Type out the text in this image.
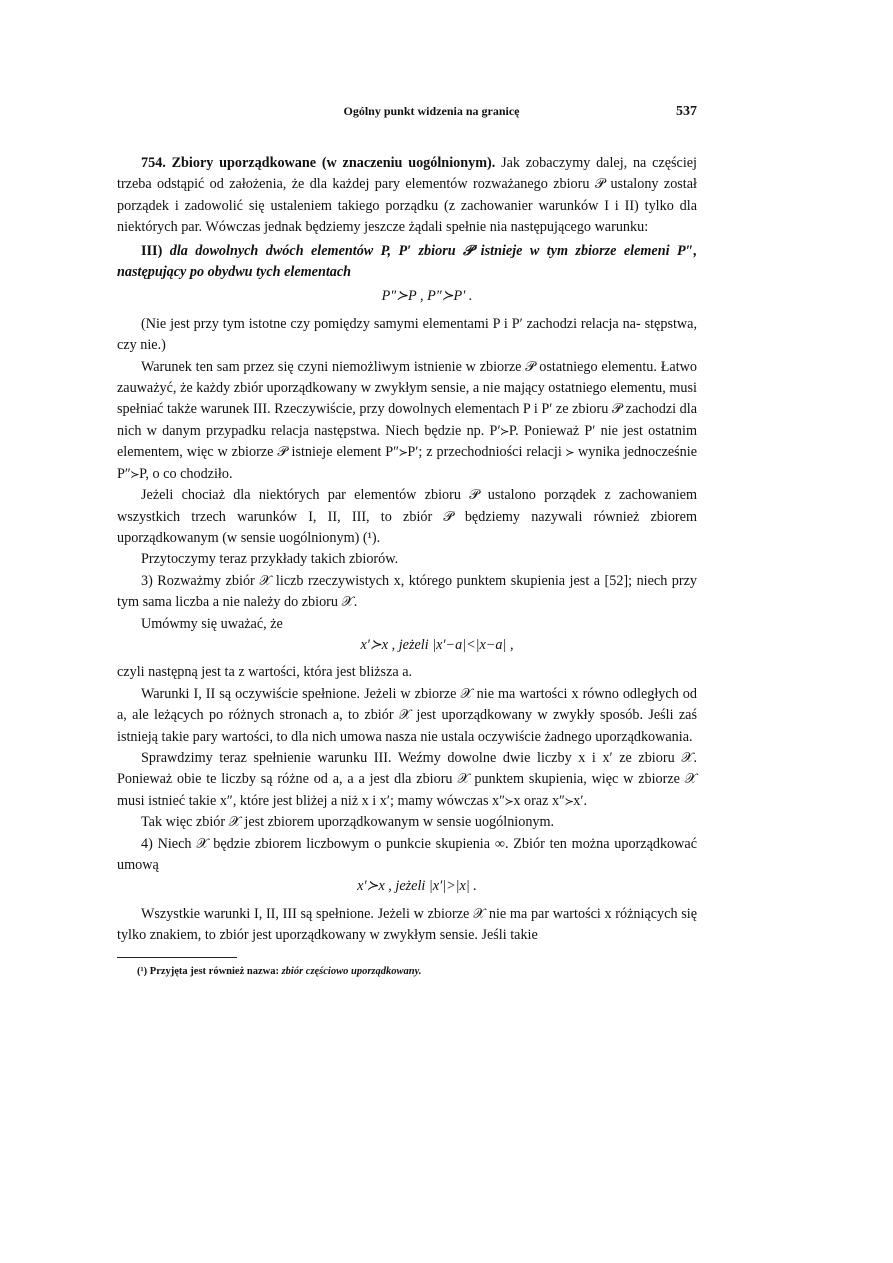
Ogólny punkt widzenia na granicę	537

754. Zbiory uporządkowane (w znaczeniu uogólnionym). Jak zobaczymy dalej, na częściej trzeba odstąpić od założenia, że dla każdej pary elementów rozważanego zbioru 𝒫 ustalony został porządek i zadowolić się ustaleniem takiego porządku (z zachowanier warunków I i II) tylko dla niektórych par. Wówczas jednak będziemy jeszcze żądali spełnie nia następującego warunku:

III) dla dowolnych dwóch elementów P, P′ zbioru 𝒫 istnieje w tym zbiorze elemeni P″, następujący po obydwu tych elementach

P″≻P , P″≻P′ .

(Nie jest przy tym istotne czy pomiędzy samymi elementami P i P′ zachodzi relacja na- stępstwa, czy nie.)

Warunek ten sam przez się czyni niemożliwym istnienie w zbiorze 𝒫 ostatniego elementu. Łatwo zauważyć, że każdy zbiór uporządkowany w zwykłym sensie, a nie mający ostatniego elementu, musi spełniać także warunek III. Rzeczywiście, przy dowolnych elementach P i P′ ze zbioru 𝒫 zachodzi dla nich w danym przypadku relacja następstwa. Niech będzie np. P′≻P. Ponieważ P′ nie jest ostatnim elementem, więc w zbiorze 𝒫 istnieje element P″≻P′; z przechodniości relacji ≻ wynika jednocześnie P″≻P, o co chodziło.

Jeżeli chociaż dla niektórych par elementów zbioru 𝒫 ustalono porządek z zachowaniem wszystkich trzech warunków I, II, III, to zbiór 𝒫 będziemy nazywali również zbiorem uporządkowanym (w sensie uogólnionym) (¹).

Przytoczymy teraz przykłady takich zbiorów.

3) Rozważmy zbiór 𝒳 liczb rzeczywistych x, którego punktem skupienia jest a [52]; niech przy tym sama liczba a nie należy do zbioru 𝒳.

Umówmy się uważać, że

x′≻x , jeżeli |x′−a|<|x−a| ,

czyli następną jest ta z wartości, która jest bliższa a.

Warunki I, II są oczywiście spełnione. Jeżeli w zbiorze 𝒳 nie ma wartości x równo odległych od a, ale leżących po różnych stronach a, to zbiór 𝒳 jest uporządkowany w zwykły sposób. Jeśli zaś istnieją takie pary wartości, to dla nich umowa nasza nie ustala oczywiście żadnego uporządkowania.

Sprawdzimy teraz spełnienie warunku III. Weźmy dowolne dwie liczby x i x′ ze zbioru 𝒳. Ponieważ obie te liczby są różne od a, a a jest dla zbioru 𝒳 punktem skupienia, więc w zbiorze 𝒳 musi istnieć takie x″, które jest bliżej a niż x i x′; mamy wówczas x″≻x oraz x″≻x′.

Tak więc zbiór 𝒳 jest zbiorem uporządkowanym w sensie uogólnionym.

4) Niech 𝒳 będzie zbiorem liczbowym o punkcie skupienia ∞. Zbiór ten można uporządkować umową

x′≻x , jeżeli |x′|>|x| .

Wszystkie warunki I, II, III są spełnione. Jeżeli w zbiorze 𝒳 nie ma par wartości x różniących się tylko znakiem, to zbiór jest uporządkowany w zwykłym sensie. Jeśli takie

(¹) Przyjęta jest również nazwa: zbiór częściowo uporządkowany.
